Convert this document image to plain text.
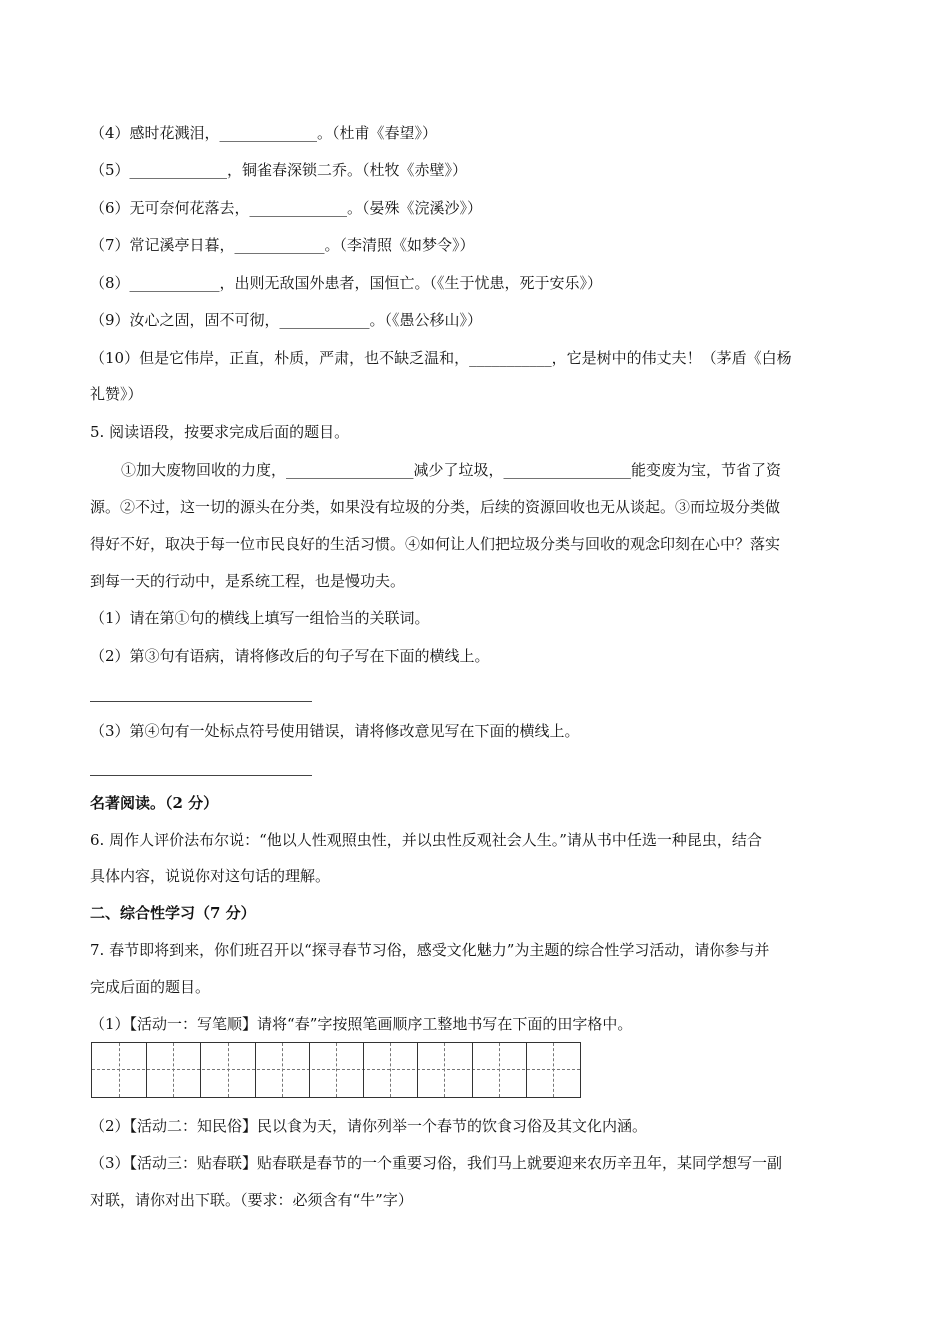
（4）感时花溅泪，_____________。（杜甫《春望》）
（5）_____________，铜雀春深锁二乔。（杜牧《赤壁》）
（6）无可奈何花落去，_____________。（晏殊《浣溪沙》）
（7）常记溪亭日暮，____________。（李清照《如梦令》）
（8）____________，出则无敌国外患者，国恒亡。（《生于忧患，死于安乐》）
（9）汝心之固，固不可彻，____________。（《愚公移山》）
（10）但是它伟岸，正直，朴质，严肃，也不缺乏温和，___________，它是树中的伟丈夫！（茅盾《白杨
礼赞》）
5. 阅读语段，按要求完成后面的题目。
①加大废物回收的力度，_________________减少了垃圾，_________________能变废为宝，节省了资
源。②不过，这一切的源头在分类，如果没有垃圾的分类，后续的资源回收也无从谈起。③而垃圾分类做
得好不好，取决于每一位市民良好的生活习惯。④如何让人们把垃圾分类与回收的观念印刻在心中？落实
到每一天的行动中，是系统工程，也是慢功夫。
（1）请在第①句的横线上填写一组恰当的关联词。
（2）第③句有语病，请将修改后的句子写在下面的横线上。
（3）第④句有一处标点符号使用错误，请将修改意见写在下面的横线上。
名著阅读。（2 分）
6. 周作人评价法布尔说：“他以人性观照虫性，并以虫性反观社会人生。”请从书中任选一种昆虫，结合
具体内容，说说你对这句话的理解。
二、综合性学习（7 分）
7. 春节即将到来，你们班召开以“探寻春节习俗，感受文化魅力”为主题的综合性学习活动，请你参与并
完成后面的题目。
（1）【活动一：写笔顺】请将“春”字按照笔画顺序工整地书写在下面的田字格中。
（2）【活动二：知民俗】民以食为天，请你列举一个春节的饮食习俗及其文化内涵。
（3）【活动三：贴春联】贴春联是春节的一个重要习俗，我们马上就要迎来农历辛丑年，某同学想写一副
对联，请你对出下联。（要求：必须含有“牛”字）
